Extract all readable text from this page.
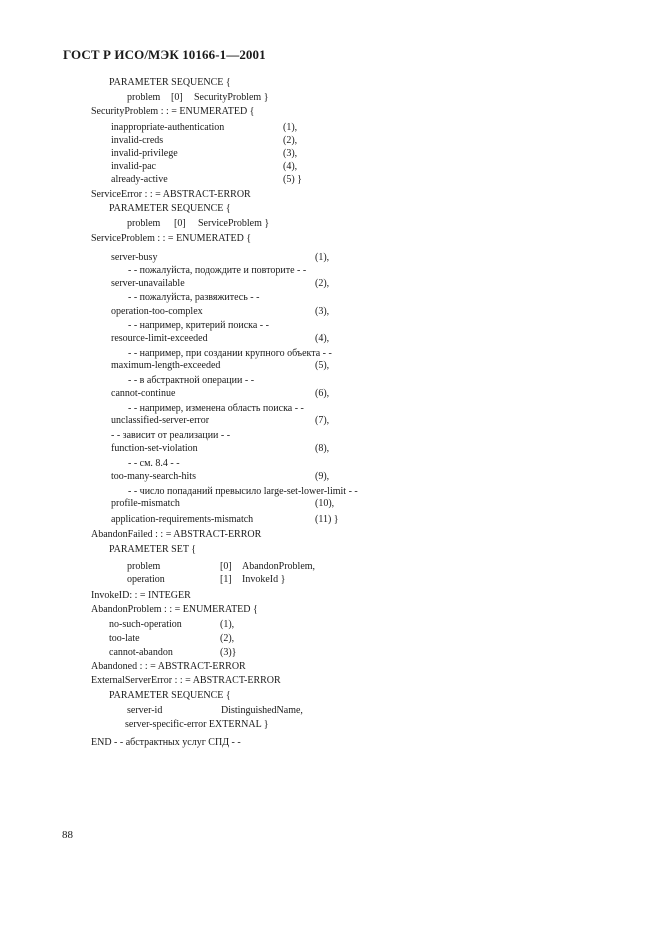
ГОСТ Р ИСО/МЭК 10166-1—2001
PARAMETER SEQUENCE {
problem [0] SecurityProblem }
SecurityProblem : : = ENUMERATED {
inappropriate-authentication	(1),
invalid-creds	(2),
invalid-privilege	(3),
invalid-pac	(4),
already-active	(5) }
ServiceError : : = ABSTRACT-ERROR
PARAMETER SEQUENCE {
problem [0] ServiceProblem }
ServiceProblem : : = ENUMERATED {
server-busy	(1),
- - пожалуйста, подождите и повторите - -
server-unavailable	(2),
- - пожалуйста, развяжитесь - -
operation-too-complex	(3),
- - например, критерий поиска - -
resource-limit-exceeded	(4),
- - например, при создании крупного объекта - -
maximum-length-exceeded	(5),
- - в абстрактной операции - -
cannot-continue	(6),
- - например, изменена область поиска - -
unclassified-server-error	(7),
- - зависит от реализации - -
function-set-violation	(8),
- - см. 8.4 - -
too-many-search-hits	(9),
- - число попаданий превысило large-set-lower-limit - -
profile-mismatch	(10),
application-requirements-mismatch	(11) }
AbandonFailed : : = ABSTRACT-ERROR
PARAMETER SET {
problem	[0] AbandonProblem,
operation	[1] InvokeId }
InvokeID: : = INTEGER
AbandonProblem : : = ENUMERATED {
no-such-operation	(1),
too-late	(2),
cannot-abandon	(3)}
Abandoned : : = ABSTRACT-ERROR
ExternalServerError : : = ABSTRACT-ERROR
PARAMETER SEQUENCE {
server-id	DistinguishedName,
server-specific-error EXTERNAL }
END - - абстрактных услуг СПД - -
88
